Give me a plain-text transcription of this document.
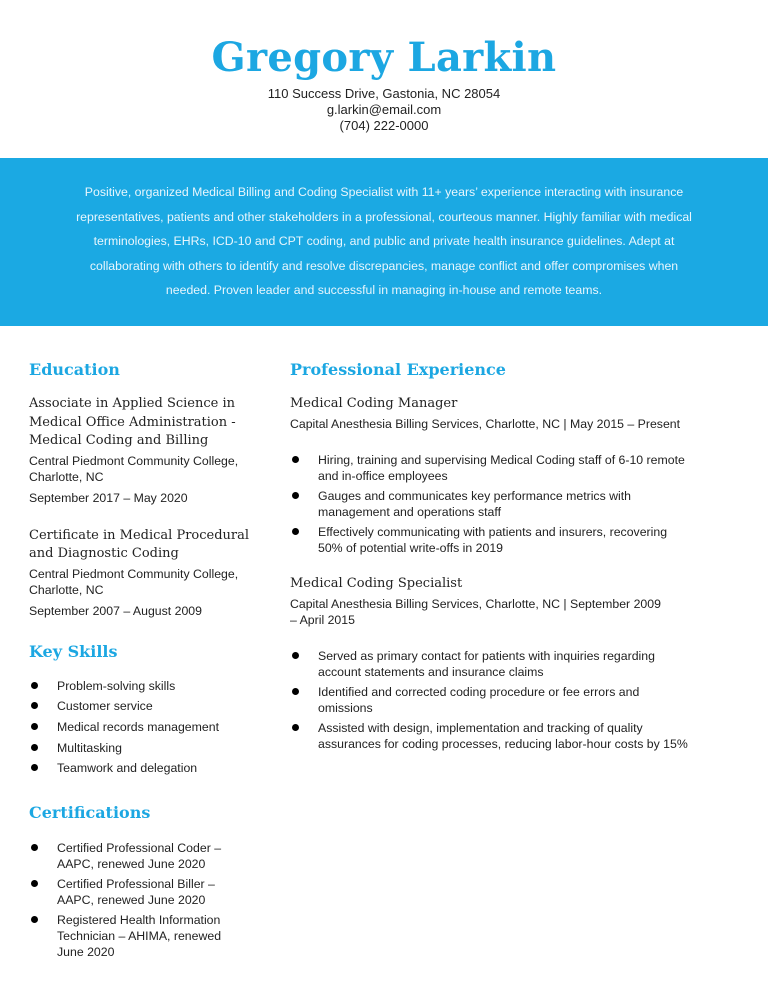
Gregory Larkin
110 Success Drive, Gastonia, NC 28054
g.larkin@email.com
(704) 222-0000
Positive, organized Medical Billing and Coding Specialist with 11+ years’ experience interacting with insurance representatives, patients and other stakeholders in a professional, courteous manner. Highly familiar with medical terminologies, EHRs, ICD-10 and CPT coding, and public and private health insurance guidelines. Adept at collaborating with others to identify and resolve discrepancies, manage conflict and offer compromises when needed. Proven leader and successful in managing in-house and remote teams.
Education
Associate in Applied Science in Medical Office Administration - Medical Coding and Billing
Central Piedmont Community College, Charlotte, NC
September 2017 – May 2020
Certificate in Medical Procedural and Diagnostic Coding
Central Piedmont Community College, Charlotte, NC
September 2007 – August 2009
Key Skills
Problem-solving skills
Customer service
Medical records management
Multitasking
Teamwork and delegation
Certifications
Certified Professional Coder – AAPC, renewed June 2020
Certified Professional Biller – AAPC, renewed June 2020
Registered Health Information Technician – AHIMA, renewed June 2020
Professional Experience
Medical Coding Manager
Capital Anesthesia Billing Services, Charlotte, NC | May 2015 – Present
Hiring, training and supervising Medical Coding staff of 6-10 remote and in-office employees
Gauges and communicates key performance metrics with management and operations staff
Effectively communicating with patients and insurers, recovering 50% of potential write-offs in 2019
Medical Coding Specialist
Capital Anesthesia Billing Services, Charlotte, NC | September 2009 – April 2015
Served as primary contact for patients with inquiries regarding account statements and insurance claims
Identified and corrected coding procedure or fee errors and omissions
Assisted with design, implementation and tracking of quality assurances for coding processes, reducing labor-hour costs by 15%
